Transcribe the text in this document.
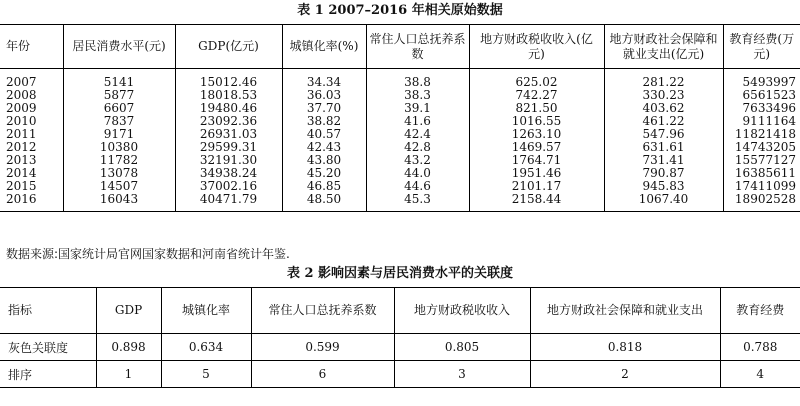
表 1 2007–2016 年相关原始数据
年份	居民消费水平(元)	GDP(亿元)	城镇化率(%)	常住人口总抚养系数	地方财政税收收入(亿元)	地方财政社会保障和就业支出(亿元)	教育经费(万元)
2007	5141	15012.46	34.34	38.8	625.02	281.22	5493997
2008	5877	18018.53	36.03	38.3	742.27	330.23	6561523
2009	6607	19480.46	37.70	39.1	821.50	403.62	7633496
2010	7837	23092.36	38.82	41.6	1016.55	461.22	9111164
2011	9171	26931.03	40.57	42.4	1263.10	547.96	11821418
2012	10380	29599.31	42.43	42.8	1469.57	631.61	14743205
2013	11782	32191.30	43.80	43.2	1764.71	731.41	15577127
2014	13078	34938.24	45.20	44.0	1951.46	790.87	16385611
2015	14507	37002.16	46.85	44.6	2101.17	945.83	17411099
2016	16043	40471.79	48.50	45.3	2158.44	1067.40	18902528
数据来源:国家统计局官网国家数据和河南省统计年鉴.
表 2 影响因素与居民消费水平的关联度
指标	GDP	城镇化率	常住人口总抚养系数	地方财政税收收入	地方财政社会保障和就业支出	教育经费
灰色关联度	0.898	0.634	0.599	0.805	0.818	0.788
排序	1	5	6	3	2	4
